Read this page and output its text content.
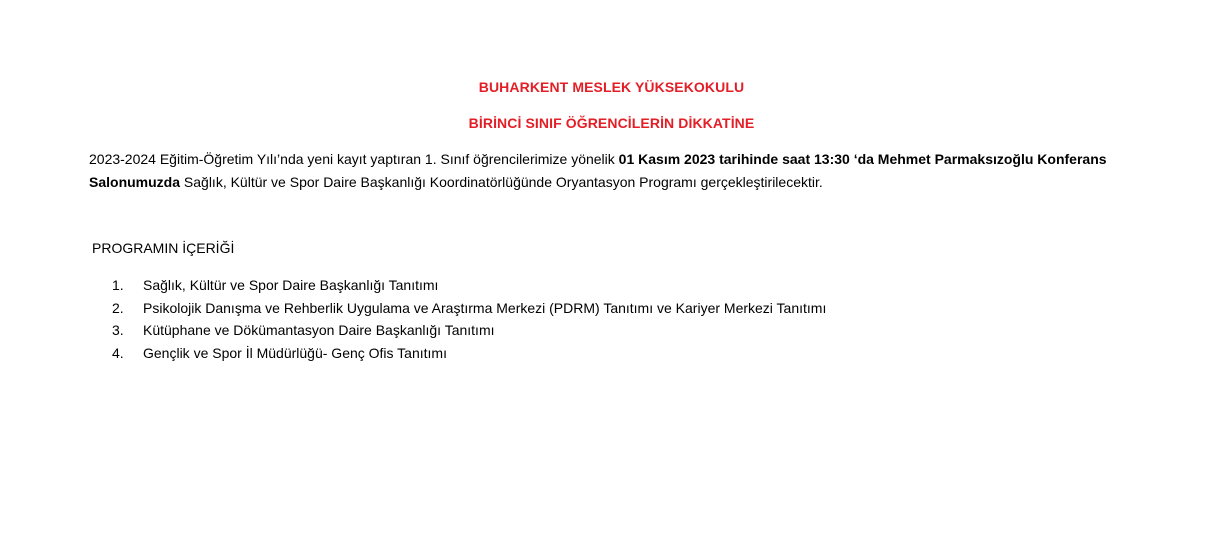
BUHARKENT MESLEK YÜKSEKOKULU
BİRİNCİ SINIF ÖĞRENCİLERİN DİKKATİNE
2023-2024 Eğitim-Öğretim Yılı’nda yeni kayıt yaptıran 1. Sınıf öğrencilerimize yönelik 01 Kasım 2023 tarihinde saat 13:30 ‘da Mehmet Parmaksızoğlu Konferans Salonumuzda Sağlık, Kültür ve Spor Daire Başkanlığı Koordinatörlüğünde Oryantasyon Programı gerçekleştirilecektir.
PROGRAMIN İÇERİĞİ
1.	Sağlık, Kültür ve Spor Daire Başkanlığı Tanıtımı
2.	Psikolojik Danışma ve Rehberlik Uygulama ve Araştırma Merkezi (PDRM) Tanıtımı ve Kariyer Merkezi Tanıtımı
3.	Kütüphane ve Dökümantasyon Daire Başkanlığı Tanıtımı
4.	Gençlik ve Spor İl Müdürlüğü- Genç Ofis Tanıtımı
